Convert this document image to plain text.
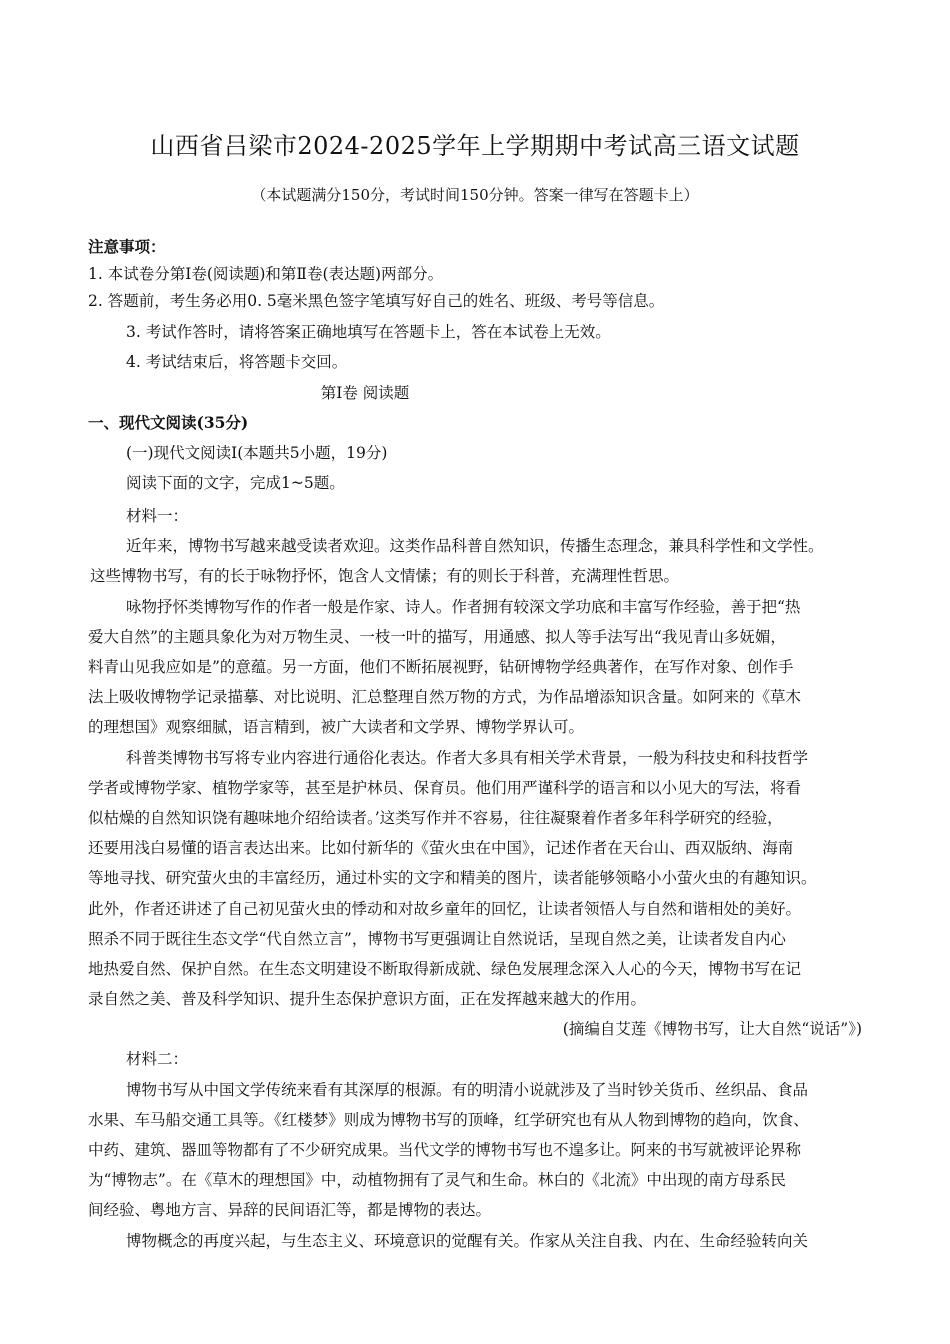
山西省吕梁市2024-2025学年上学期期中考试高三语文试题
（本试题满分150分，考试时间150分钟。答案一律写在答题卡上）
注意事项：
1. 本试卷分第Ⅰ卷(阅读题)和第Ⅱ卷(表达题)两部分。
2. 答题前，考生务必用0. 5毫米黑色签字笔填写好自己的姓名、班级、考号等信息。
3. 考试作答时，请将答案正确地填写在答题卡上，答在本试卷上无效。
4. 考试结束后，将答题卡交回。
第Ⅰ卷 阅读题
一、现代文阅读(35分)
(一)现代文阅读Ⅰ(本题共5小题，19分)
阅读下面的文字，完成1~5题。
材料一：
近年来，博物书写越来越受读者欢迎。这类作品科普自然知识，传播生态理念，兼具科学性和文学性。
这些博物书写，有的长于咏物抒怀，饱含人文情愫；有的则长于科普，充满理性哲思。
咏物抒怀类博物写作的作者一般是作家、诗人。作者拥有较深文学功底和丰富写作经验，善于把“热
爱大自然”的主题具象化为对万物生灵、一枝一叶的描写，用通感、拟人等手法写出“我见青山多妩媚，
料青山见我应如是”的意蕴。另一方面，他们不断拓展视野，钻研博物学经典著作，在写作对象、创作手
法上吸收博物学记录描摹、对比说明、汇总整理自然万物的方式，为作品增添知识含量。如阿来的《草木
的理想国》观察细腻，语言精到，被广大读者和文学界、博物学界认可。
科普类博物书写将专业内容进行通俗化表达。作者大多具有相关学术背景，一般为科技史和科技哲学
学者或博物学家、植物学家等，甚至是护林员、保育员。他们用严谨科学的语言和以小见大的写法，将看
似枯燥的自然知识饶有趣味地介绍给读者。’这类写作并不容易，往往凝聚着作者多年科学研究的经验，
还要用浅白易懂的语言表达出来。比如付新华的《萤火虫在中国》，记述作者在天台山、西双版纳、海南
等地寻找、研究萤火虫的丰富经历，通过朴实的文字和精美的图片，读者能够领略小小萤火虫的有趣知识。
此外，作者还讲述了自己初见萤火虫的悸动和对故乡童年的回忆，让读者领悟人与自然和谐相处的美好。
照杀不同于既往生态文学“代自然立言”，博物书写更强调让自然说话，呈现自然之美，让读者发自内心
地热爱自然、保护自然。在生态文明建设不断取得新成就、绿色发展理念深入人心的今天，博物书写在记
录自然之美、普及科学知识、提升生态保护意识方面，正在发挥越来越大的作用。
(摘编自艾莲《博物书写，让大自然“说话”》)
材料二：
博物书写从中国文学传统来看有其深厚的根源。有的明清小说就涉及了当时钞关货币、丝织品、食品
水果、车马船交通工具等。《红楼梦》则成为博物书写的顶峰，红学研究也有从人物到博物的趋向，饮食、
中药、建筑、器皿等物都有了不少研究成果。当代文学的博物书写也不遑多让。阿来的书写就被评论界称
为“博物志”。在《草木的理想国》中，动植物拥有了灵气和生命。林白的《北流》中出现的南方母系民
间经验、粤地方言、异辞的民间语汇等，都是博物的表达。
博物概念的再度兴起，与生态主义、环境意识的觉醒有关。作家从关注自我、内在、生命经验转向关
